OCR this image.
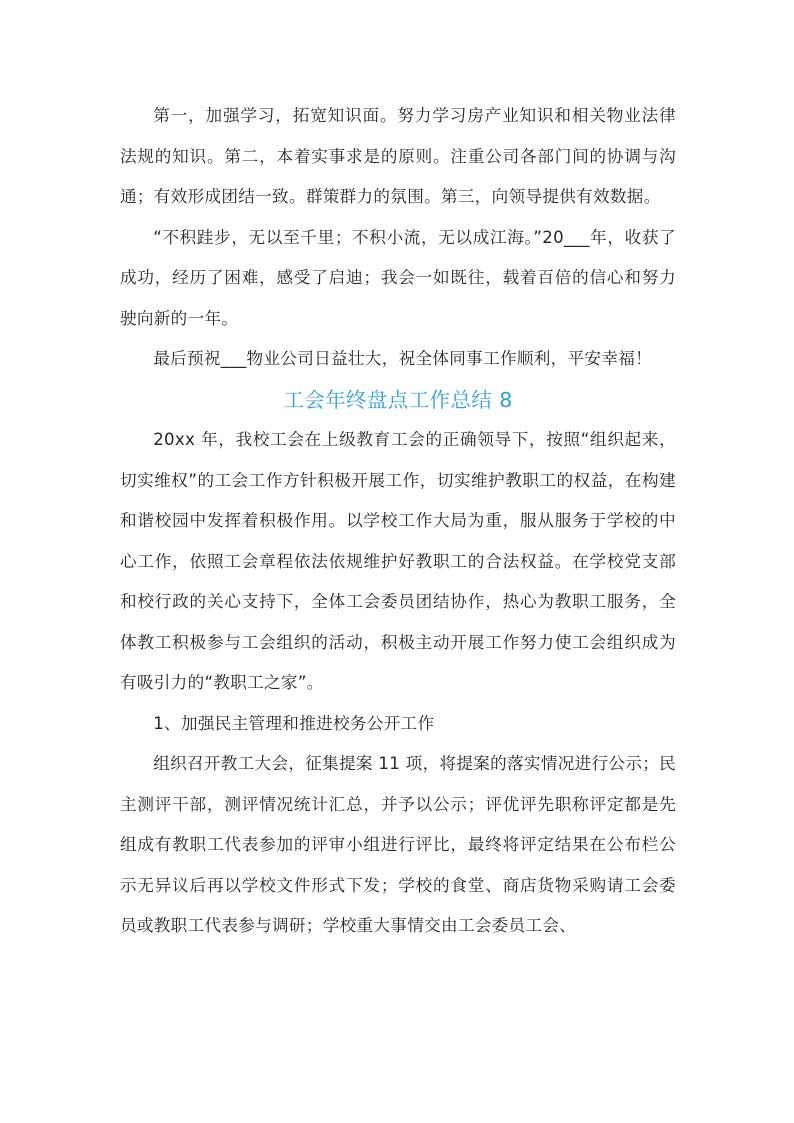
第一，加强学习，拓宽知识面。努力学习房产业知识和相关物业法律法规的知识。第二，本着实事求是的原则。注重公司各部门间的协调与沟通；有效形成团结一致。群策群力的氛围。第三，向领导提供有效数据。

“不积跬步，无以至千里；不积小流，无以成江海。”20___年，收获了成功，经历了困难，感受了启迪；我会一如既往，载着百倍的信心和努力驶向新的一年。

最后预祝___物业公司日益壮大，祝全体同事工作顺利，平安幸福！

工会年终盘点工作总结 8

20xx 年，我校工会在上级教育工会的正确领导下，按照“组织起来，切实维权”的工会工作方针积极开展工作，切实维护教职工的权益，在构建和谐校园中发挥着积极作用。以学校工作大局为重，服从服务于学校的中心工作，依照工会章程依法依规维护好教职工的合法权益。在学校党支部和校行政的关心支持下，全体工会委员团结协作，热心为教职工服务，全体教工积极参与工会组织的活动，积极主动开展工作努力使工会组织成为有吸引力的“教职工之家”。

1、加强民主管理和推进校务公开工作

组织召开教工大会，征集提案 11 项，将提案的落实情况进行公示；民主测评干部，测评情况统计汇总，并予以公示；评优评先职称评定都是先组成有教职工代表参加的评审小组进行评比，最终将评定结果在公布栏公示无异议后再以学校文件形式下发；学校的食堂、商店货物采购请工会委员或教职工代表参与调研；学校重大事情交由工会委员工会、
